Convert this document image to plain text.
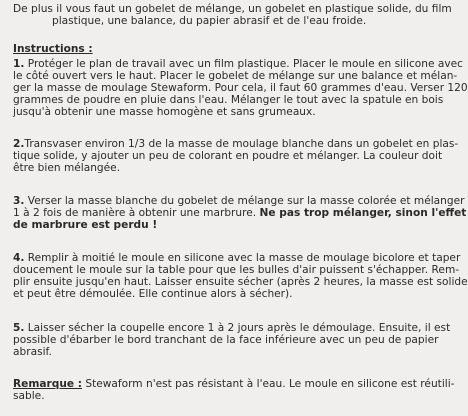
De plus il vous faut un gobelet de mélange, un gobelet en plastique solide, du film
plastique, une balance, du papier abrasif et de l'eau froide.
Instructions :
1. Protéger le plan de travail avec un film plastique. Placer le moule en silicone avec
le côté ouvert vers le haut. Placer le gobelet de mélange sur une balance et mélan-
ger la masse de moulage Stewaform. Pour cela, il faut 60 grammes d'eau. Verser 120
grammes de poudre en pluie dans l'eau. Mélanger le tout avec la spatule en bois
jusqu'à obtenir une masse homogène et sans grumeaux.
2.Transvaser environ 1/3 de la masse de moulage blanche dans un gobelet en plas-
tique solide, y ajouter un peu de colorant en poudre et mélanger. La couleur doit
être bien mélangée.
3. Verser la masse blanche du gobelet de mélange sur la masse colorée et mélanger
1 à 2 fois de manière à obtenir une marbrure. Ne pas trop mélanger, sinon l'effet
de marbrure est perdu !
4. Remplir à moitié le moule en silicone avec la masse de moulage bicolore et taper
doucement le moule sur la table pour que les bulles d'air puissent s'échapper. Rem-
plir ensuite jusqu'en haut. Laisser ensuite sécher (après 2 heures, la masse est solide
et peut être démoulée. Elle continue alors à sécher).
5. Laisser sécher la coupelle encore 1 à 2 jours après le démoulage. Ensuite, il est
possible d'ébarber le bord tranchant de la face inférieure avec un peu de papier
abrasif.
Remarque : Stewaform n'est pas résistant à l'eau. Le moule en silicone est réutili-
sable.
